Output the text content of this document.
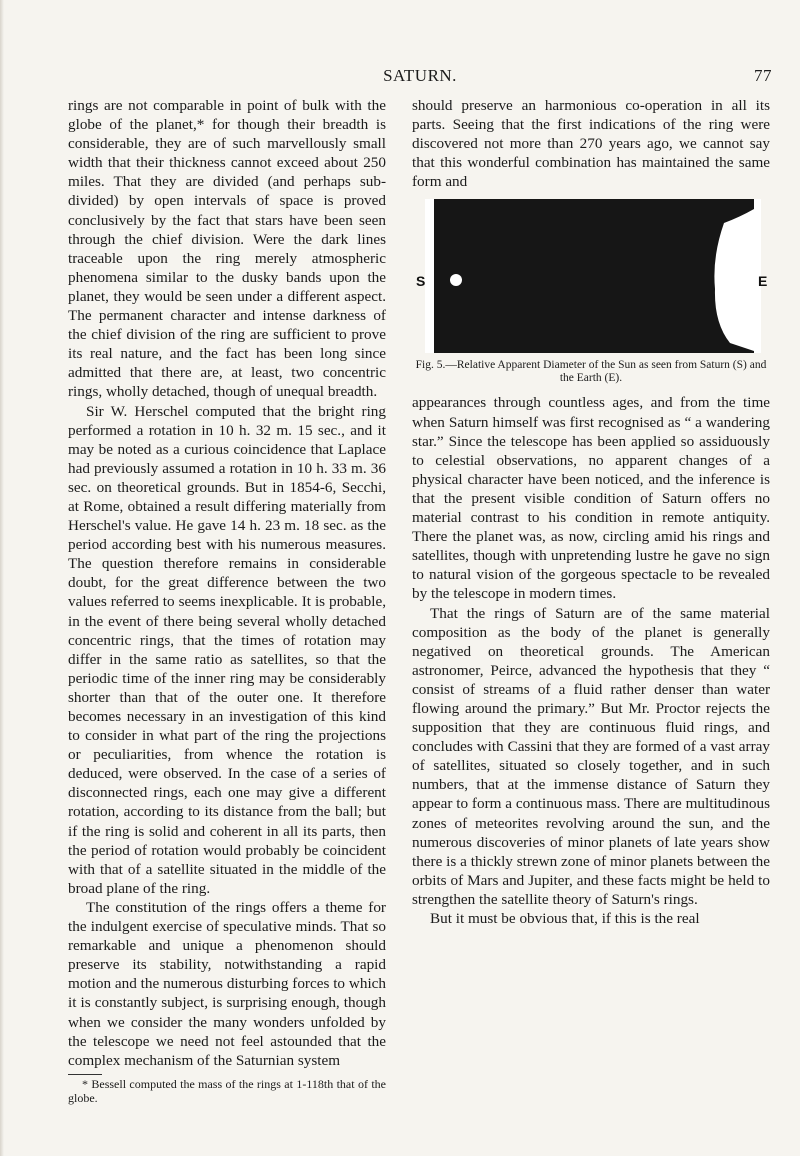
SATURN.	77

rings are not comparable in point of bulk with the globe of the planet,* for though their breadth is considerable, they are of such marvellously small width that their thickness cannot exceed about 250 miles. That they are divided (and perhaps sub-divided) by open intervals of space is proved conclusively by the fact that stars have been seen through the chief division. Were the dark lines traceable upon the ring merely atmospheric phenomena similar to the dusky bands upon the planet, they would be seen under a different aspect. The permanent character and intense darkness of the chief division of the ring are sufficient to prove its real nature, and the fact has been long since admitted that there are, at least, two concentric rings, wholly detached, though of unequal breadth.

Sir W. Herschel computed that the bright ring performed a rotation in 10 h. 32 m. 15 sec., and it may be noted as a curious coincidence that Laplace had previously assumed a rotation in 10 h. 33 m. 36 sec. on theoretical grounds. But in 1854-6, Secchi, at Rome, obtained a result differing materially from Herschel's value. He gave 14 h. 23 m. 18 sec. as the period according best with his numerous measures. The question therefore remains in considerable doubt, for the great difference between the two values referred to seems inexplicable. It is probable, in the event of there being several wholly detached concentric rings, that the times of rotation may differ in the same ratio as satellites, so that the periodic time of the inner ring may be considerably shorter than that of the outer one. It therefore becomes necessary in an investigation of this kind to consider in what part of the ring the projections or peculiarities, from whence the rotation is deduced, were observed. In the case of a series of disconnected rings, each one may give a different rotation, according to its distance from the ball; but if the ring is solid and coherent in all its parts, then the period of rotation would probably be coincident with that of a satellite situated in the middle of the broad plane of the ring.

The constitution of the rings offers a theme for the indulgent exercise of speculative minds. That so remarkable and unique a phenomenon should preserve its stability, notwithstanding a rapid motion and the numerous disturbing forces to which it is constantly subject, is surprising enough, though when we consider the many wonders unfolded by the telescope we need not feel astounded that the complex mechanism of the Saturnian system

* Bessell computed the mass of the rings at 1-118th that of the globe.

should preserve an harmonious co-operation in all its parts. Seeing that the first indications of the ring were discovered not more than 270 years ago, we cannot say that this wonderful combination has maintained the same form and

S	E
Fig. 5.—Relative Apparent Diameter of the Sun as seen from Saturn (S) and the Earth (E).

appearances through countless ages, and from the time when Saturn himself was first recognised as “ a wandering star.” Since the telescope has been applied so assiduously to celestial observations, no apparent changes of a physical character have been noticed, and the inference is that the present visible condition of Saturn offers no material contrast to his condition in remote antiquity. There the planet was, as now, circling amid his rings and satellites, though with unpretending lustre he gave no sign to natural vision of the gorgeous spectacle to be revealed by the telescope in modern times.

That the rings of Saturn are of the same material composition as the body of the planet is generally negatived on theoretical grounds. The American astronomer, Peirce, advanced the hypothesis that they “ consist of streams of a fluid rather denser than water flowing around the primary.” But Mr. Proctor rejects the supposition that they are continuous fluid rings, and concludes with Cassini that they are formed of a vast array of satellites, situated so closely together, and in such numbers, that at the immense distance of Saturn they appear to form a continuous mass. There are multitudinous zones of meteorites revolving around the sun, and the numerous discoveries of minor planets of late years show there is a thickly strewn zone of minor planets between the orbits of Mars and Jupiter, and these facts might be held to strengthen the satellite theory of Saturn's rings.

But it must be obvious that, if this is the real
